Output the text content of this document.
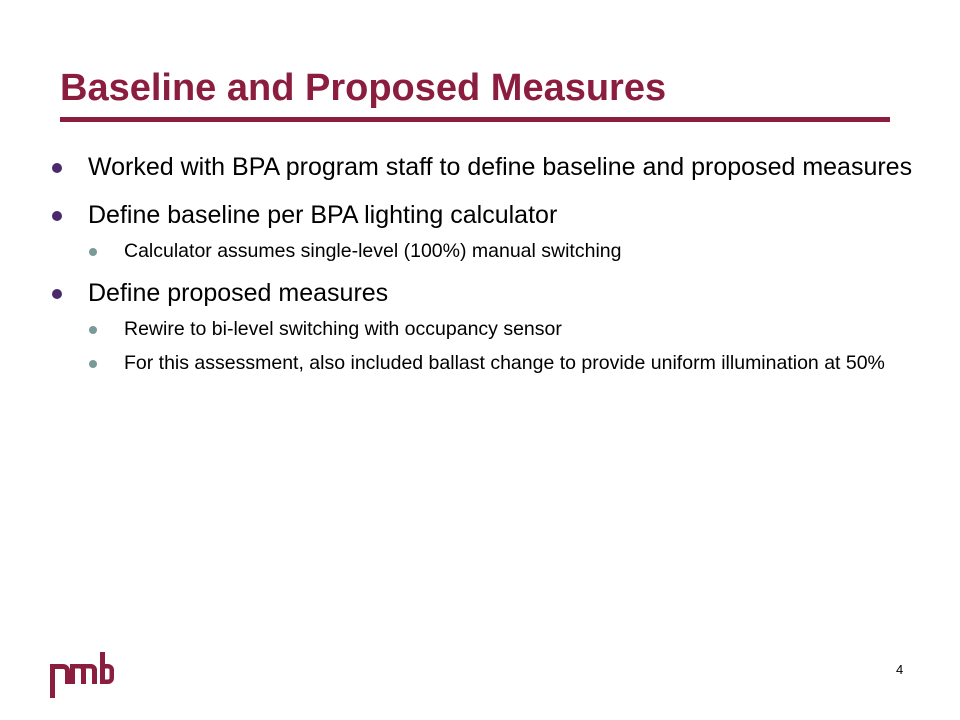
Baseline and Proposed Measures
Worked with BPA program staff to define baseline and proposed measures
Define baseline per BPA lighting calculator
Calculator assumes single-level (100%) manual switching
Define proposed measures
Rewire to bi-level switching with occupancy sensor
For this assessment, also included ballast change to provide uniform illumination at 50%
4
